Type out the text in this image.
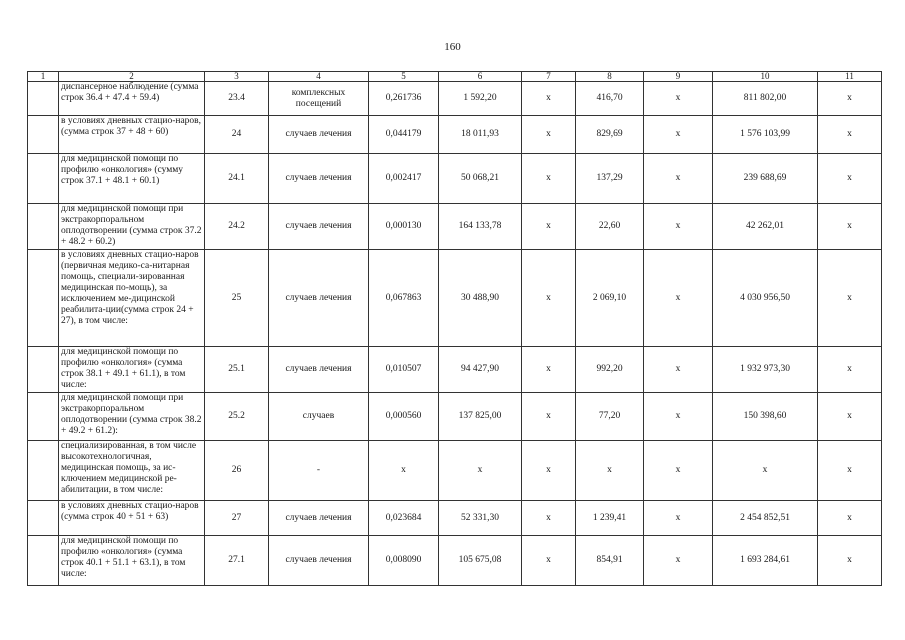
160
1	2	3	4	5	6	7	8	9	10	11
	диспансерное наблюдение (сумма строк 36.4 + 47.4 + 59.4)	23.4	комплексных посещений	0,261736	1 592,20	х	416,70	х	811 802,00	х
	в условиях дневных стацио-наров, (сумма строк 37 + 48 + 60)	24	случаев лечения	0,044179	18 011,93	х	829,69	х	1 576 103,99	х
	для медицинской помощи по профилю «онкология» (сумму строк 37.1 + 48.1 + 60.1)	24.1	случаев лечения	0,002417	50 068,21	х	137,29	х	239 688,69	х
	для медицинской помощи при экстракорпоральном оплодотворении (сумма строк 37.2 + 48.2 + 60.2)	24.2	случаев лечения	0,000130	164 133,78	х	22,60	х	42 262,01	х
	в условиях дневных стацио-наров (первичная медико-са-нитарная помощь, специали-зированная медицинская по-мощь), за исключением ме-дицинской реабилита-ции(сумма строк 24 + 27), в том числе:	25	случаев лечения	0,067863	30 488,90	х	2 069,10	х	4 030 956,50	х
	для медицинской помощи по профилю «онкология» (сумма строк 38.1 + 49.1 + 61.1), в том числе:	25.1	случаев лечения	0,010507	94 427,90	х	992,20	х	1 932 973,30	х
	для медицинской помощи при экстракорпоральном оплодотворении (сумма строк 38.2 + 49.2 + 61.2):	25.2	случаев	0,000560	137 825,00	х	77,20	х	150 398,60	х
	специализированная, в том числе высокотехнологичная, медицинская помощь, за ис-ключением медицинской ре-абилитации, в том числе:	26	-	х	х	х	х	х	х	х
	в условиях дневных стацио-наров (сумма строк 40 + 51 + 63)	27	случаев лечения	0,023684	52 331,30	х	1 239,41	х	2 454 852,51	х
	для медицинской помощи по профилю «онкология» (сумма строк 40.1 + 51.1 + 63.1), в том числе:	27.1	случаев лечения	0,008090	105 675,08	х	854,91	х	1 693 284,61	х
